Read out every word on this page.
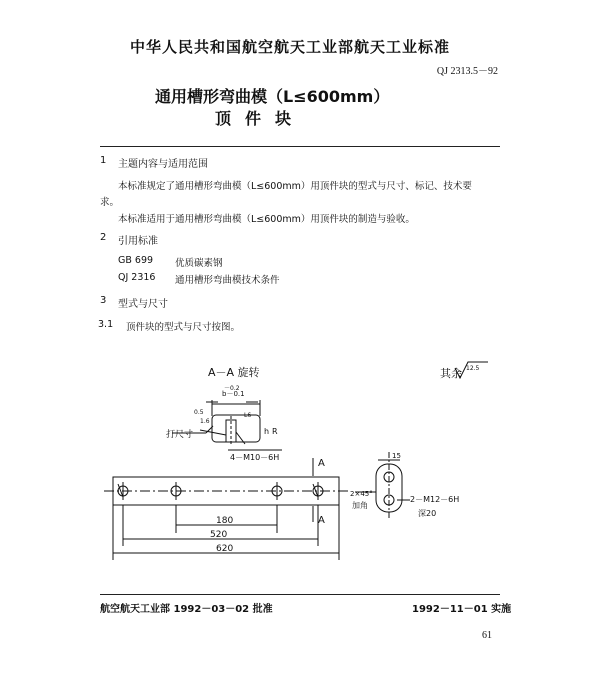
中华人民共和国航空航天工业部航天工业标准
QJ 2313.5－92
通用槽形弯曲模（L≤600mm）
顶件块
1 主题内容与适用范围
本标准规定了通用槽形弯曲模（L≤600mm）用顶件块的型式与尺寸、标记、技术要
求。
本标准适用于通用槽形弯曲模（L≤600mm）用顶件块的制造与验收。
2 引用标准
GB 699 优质碳素钢
QJ 2316 通用槽形弯曲模技术条件
3 型式与尺寸
3.1 顶件块的型式与尺寸按图。
A－A 旋转
b－0.1
－0.2
0.5
1.6
L6
h R
打尺寸
4－M10－6H
其余 12.5
A
A
180
520
620
2×45°
加角
15
2－M12－6H
深20
航空航天工业部 1992－03－02 批准	1992－11－01 实施
61
